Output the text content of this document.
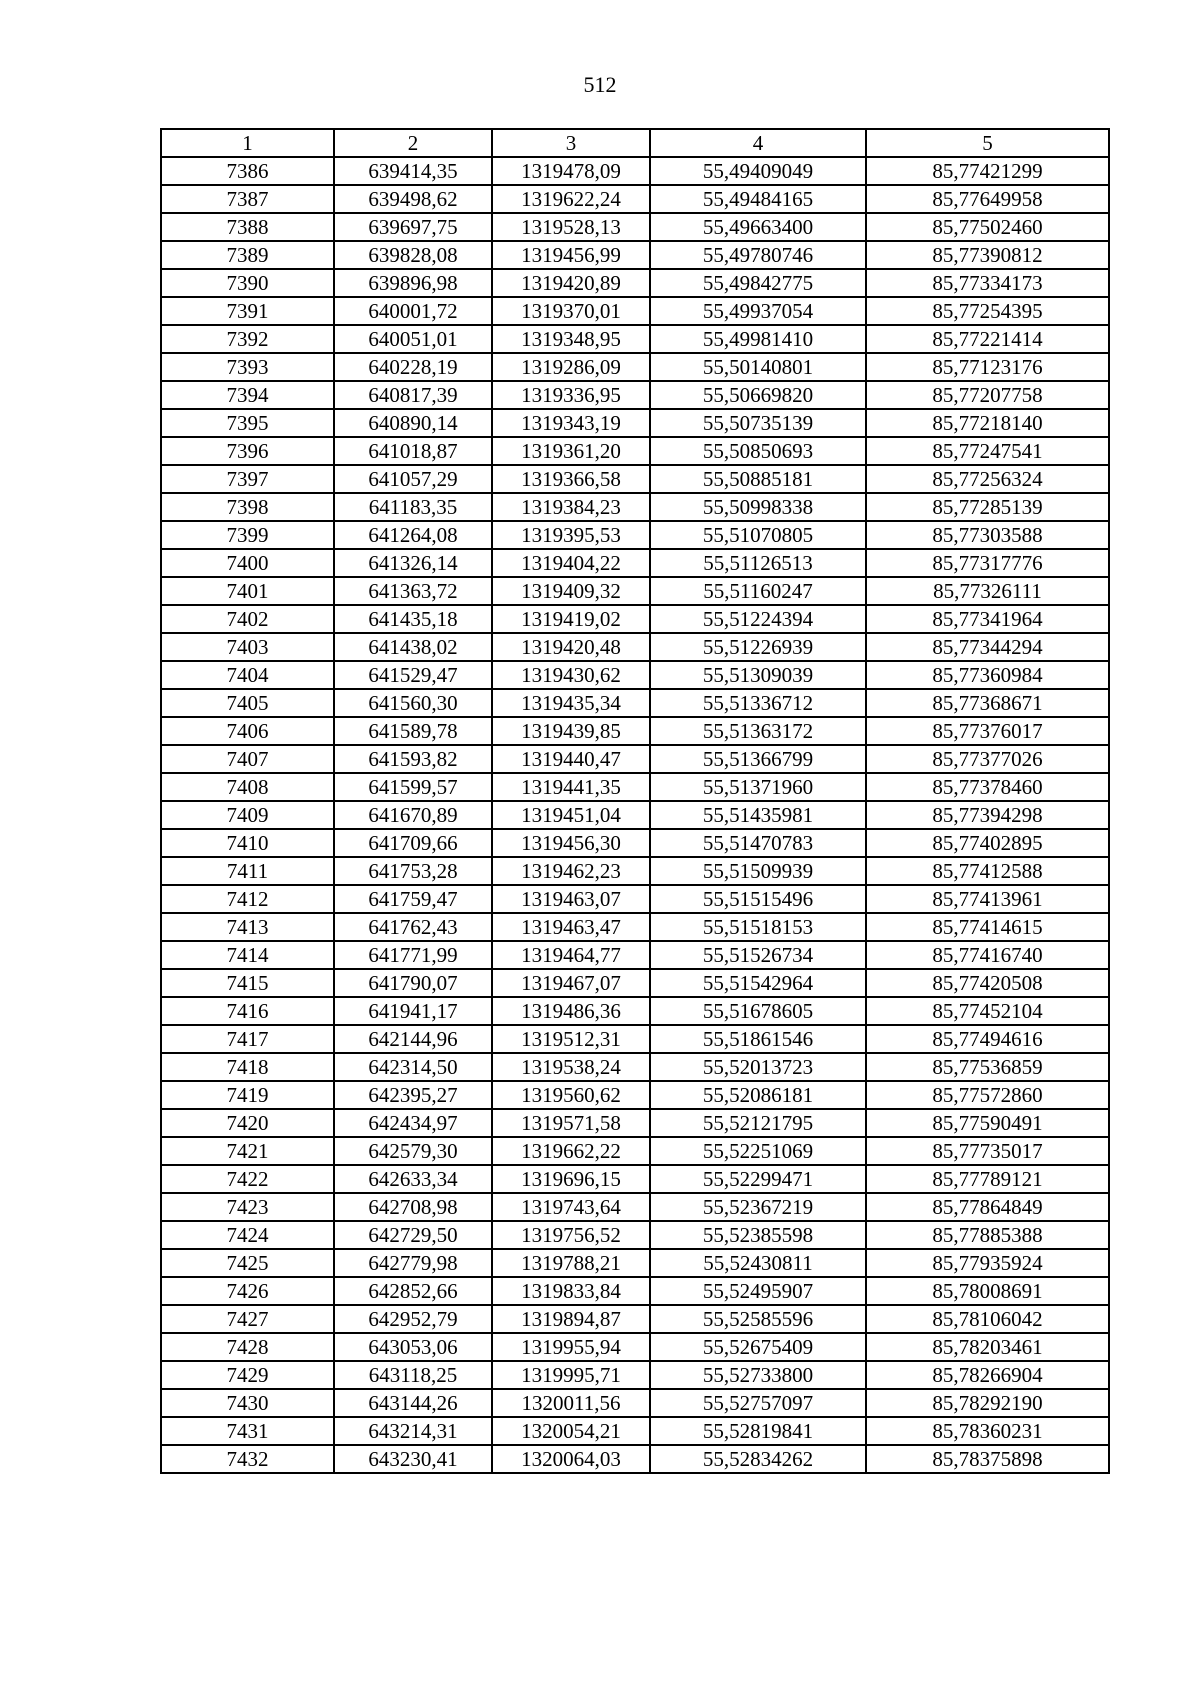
512
1	2	3	4	5
7386	639414,35	1319478,09	55,49409049	85,77421299
7387	639498,62	1319622,24	55,49484165	85,77649958
7388	639697,75	1319528,13	55,49663400	85,77502460
7389	639828,08	1319456,99	55,49780746	85,77390812
7390	639896,98	1319420,89	55,49842775	85,77334173
7391	640001,72	1319370,01	55,49937054	85,77254395
7392	640051,01	1319348,95	55,49981410	85,77221414
7393	640228,19	1319286,09	55,50140801	85,77123176
7394	640817,39	1319336,95	55,50669820	85,77207758
7395	640890,14	1319343,19	55,50735139	85,77218140
7396	641018,87	1319361,20	55,50850693	85,77247541
7397	641057,29	1319366,58	55,50885181	85,77256324
7398	641183,35	1319384,23	55,50998338	85,77285139
7399	641264,08	1319395,53	55,51070805	85,77303588
7400	641326,14	1319404,22	55,51126513	85,77317776
7401	641363,72	1319409,32	55,51160247	85,77326111
7402	641435,18	1319419,02	55,51224394	85,77341964
7403	641438,02	1319420,48	55,51226939	85,77344294
7404	641529,47	1319430,62	55,51309039	85,77360984
7405	641560,30	1319435,34	55,51336712	85,77368671
7406	641589,78	1319439,85	55,51363172	85,77376017
7407	641593,82	1319440,47	55,51366799	85,77377026
7408	641599,57	1319441,35	55,51371960	85,77378460
7409	641670,89	1319451,04	55,51435981	85,77394298
7410	641709,66	1319456,30	55,51470783	85,77402895
7411	641753,28	1319462,23	55,51509939	85,77412588
7412	641759,47	1319463,07	55,51515496	85,77413961
7413	641762,43	1319463,47	55,51518153	85,77414615
7414	641771,99	1319464,77	55,51526734	85,77416740
7415	641790,07	1319467,07	55,51542964	85,77420508
7416	641941,17	1319486,36	55,51678605	85,77452104
7417	642144,96	1319512,31	55,51861546	85,77494616
7418	642314,50	1319538,24	55,52013723	85,77536859
7419	642395,27	1319560,62	55,52086181	85,77572860
7420	642434,97	1319571,58	55,52121795	85,77590491
7421	642579,30	1319662,22	55,52251069	85,77735017
7422	642633,34	1319696,15	55,52299471	85,77789121
7423	642708,98	1319743,64	55,52367219	85,77864849
7424	642729,50	1319756,52	55,52385598	85,77885388
7425	642779,98	1319788,21	55,52430811	85,77935924
7426	642852,66	1319833,84	55,52495907	85,78008691
7427	642952,79	1319894,87	55,52585596	85,78106042
7428	643053,06	1319955,94	55,52675409	85,78203461
7429	643118,25	1319995,71	55,52733800	85,78266904
7430	643144,26	1320011,56	55,52757097	85,78292190
7431	643214,31	1320054,21	55,52819841	85,78360231
7432	643230,41	1320064,03	55,52834262	85,78375898
